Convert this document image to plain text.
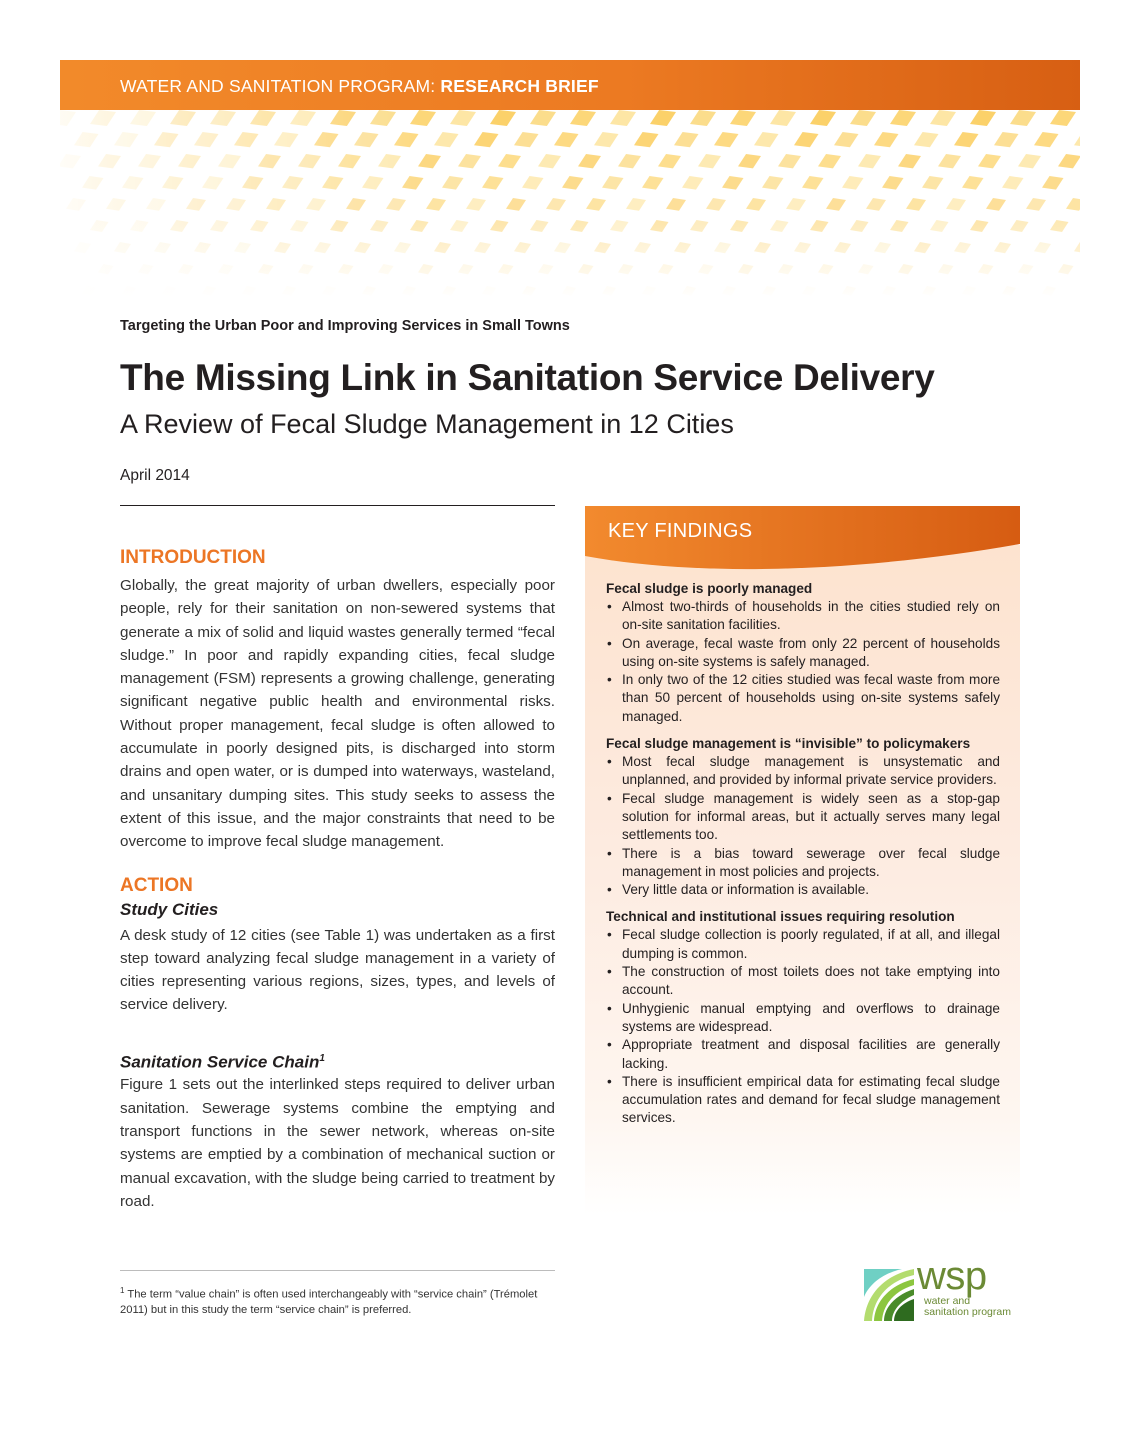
WATER AND SANITATION PROGRAM: RESEARCH BRIEF
Targeting the Urban Poor and Improving Services in Small Towns
The Missing Link in Sanitation Service Delivery
A Review of Fecal Sludge Management in 12 Cities
April 2014
INTRODUCTION

Globally, the great majority of urban dwellers, especially poor people, rely for their sanitation on non-sewered systems that generate a mix of solid and liquid wastes generally termed “fecal sludge.” In poor and rapidly expanding cities, fecal sludge management (FSM) represents a growing challenge, generating significant negative public health and environmental risks. Without proper management, fecal sludge is often allowed to accumulate in poorly designed pits, is discharged into storm drains and open water, or is dumped into waterways, wasteland, and unsanitary dumping sites. This study seeks to assess the extent of this issue, and the major constraints that need to be overcome to improve fecal sludge management.

ACTION
Study Cities

A desk study of 12 cities (see Table 1) was undertaken as a first step toward analyzing fecal sludge management in a variety of cities representing various regions, sizes, types, and levels of service delivery.

Sanitation Service Chain$^1$

Figure 1 sets out the interlinked steps required to deliver urban sanitation. Sewerage systems combine the emptying and transport functions in the sewer network, whereas on-site systems are emptied by a combination of mechanical suction or manual excavation, with the sludge being carried to treatment by road.

$^1$ The term “value chain” is often used interchangeably with “service chain” (Trémolet 2011) but in this study the term “service chain” is preferred.
KEY FINDINGS
Fecal sludge is poorly managed
• Almost two-thirds of households in the cities studied rely on on-site sanitation facilities.
• On average, fecal waste from only 22 percent of households using on-site systems is safely managed.
• In only two of the 12 cities studied was fecal waste from more than 50 percent of households using on-site systems safely managed.
Fecal sludge management is “invisible” to policymakers
• Most fecal sludge management is unsystematic and unplanned, and provided by informal private service providers.
• Fecal sludge management is widely seen as a stop-gap solution for informal areas, but it actually serves many legal settlements too.
• There is a bias toward sewerage over fecal sludge management in most policies and projects.
• Very little data or information is available.
Technical and institutional issues requiring resolution
• Fecal sludge collection is poorly regulated, if at all, and illegal dumping is common.
• The construction of most toilets does not take emptying into account.
• Unhygienic manual emptying and overflows to drainage systems are widespread.
• Appropriate treatment and disposal facilities are generally lacking.
• There is insufficient empirical data for estimating fecal sludge accumulation rates and demand for fecal sludge management services.
wsp
water and
sanitation program
